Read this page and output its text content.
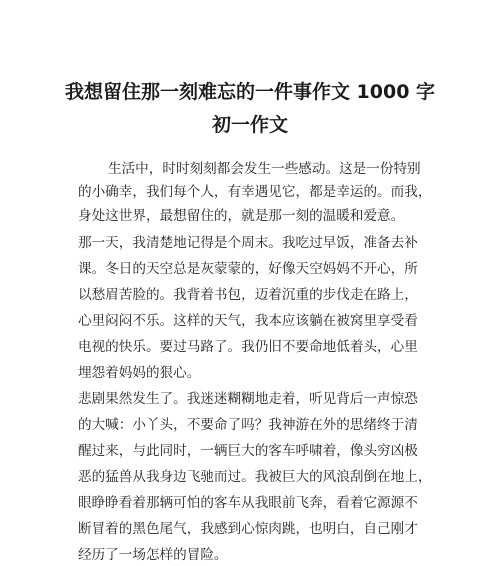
我想留住那一刻难忘的一件事作文 1000 字
初一作文
生活中，时时刻刻都会发生一些感动。这是一份特别
的小确幸，我们每个人，有幸遇见它，都是幸运的。而我，
身处这世界，最想留住的，就是那一刻的温暖和爱意。
那一天，我清楚地记得是个周末。我吃过早饭，准备去补
课。冬日的天空总是灰蒙蒙的，好像天空妈妈不开心，所
以愁眉苦脸的。我背着书包，迈着沉重的步伐走在路上，
心里闷闷不乐。这样的天气，我本应该躺在被窝里享受看
电视的快乐。要过马路了。我仍旧不要命地低着头，心里
埋怨着妈妈的狠心。
悲剧果然发生了。我迷迷糊糊地走着，听见背后一声惊恐
的大喊：小丫头，不要命了吗？我神游在外的思绪终于清
醒过来，与此同时，一辆巨大的客车呼啸着，像头穷凶极
恶的猛兽从我身边飞驰而过。我被巨大的风浪刮倒在地上，
眼睁睁看着那辆可怕的客车从我眼前飞奔，看着它源源不
断冒着的黑色尾气，我感到心惊肉跳，也明白，自己刚才
经历了一场怎样的冒险。
